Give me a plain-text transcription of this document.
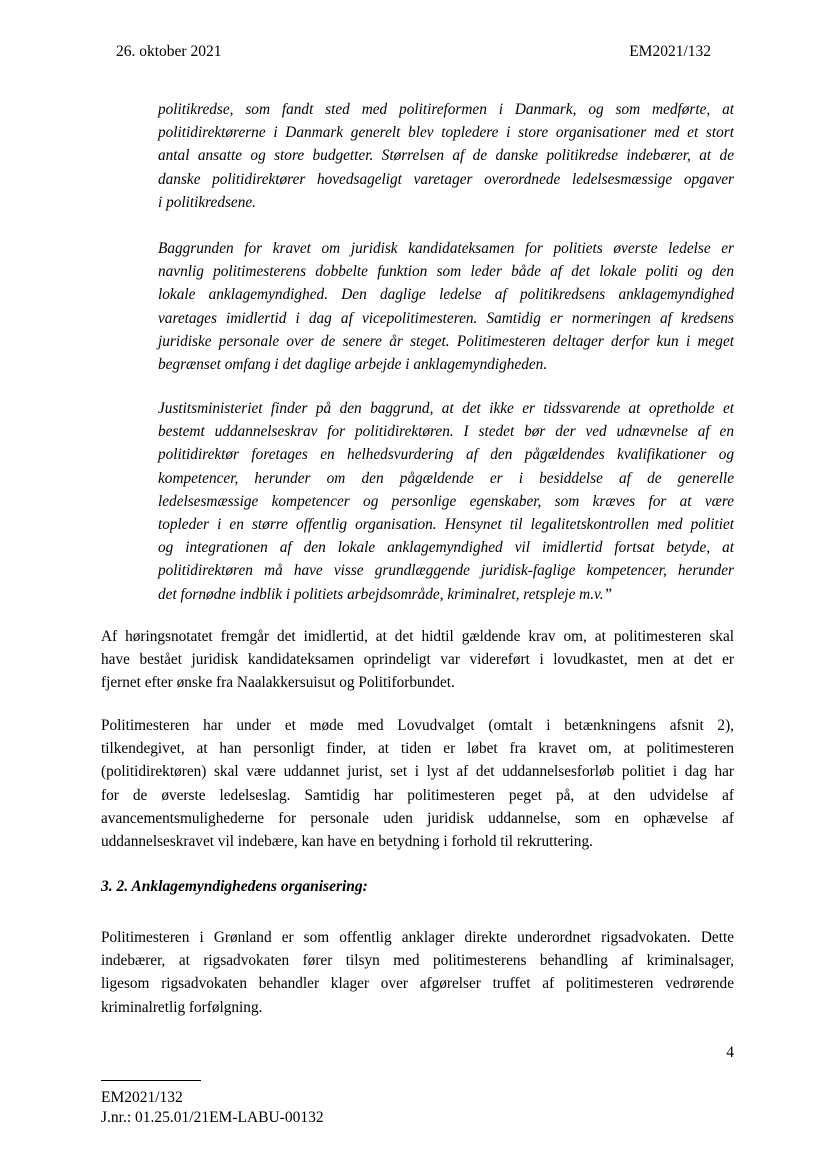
26. oktober 2021	EM2021/132

politikredse, som fandt sted med politireformen i Danmark, og som medførte, at
politidirektørerne i Danmark generelt blev topledere i store organisationer med et stort
antal ansatte og store budgetter. Størrelsen af de danske politikredse indebærer, at de
danske politidirektører hovedsageligt varetager overordnede ledelsesmæssige opgaver
i politikredsene.

Baggrunden for kravet om juridisk kandidateksamen for politiets øverste ledelse er
navnlig politimesterens dobbelte funktion som leder både af det lokale politi og den
lokale anklagemyndighed. Den daglige ledelse af politikredsens anklagemyndighed
varetages imidlertid i dag af vicepolitimesteren. Samtidig er normeringen af kredsens
juridiske personale over de senere år steget. Politimesteren deltager derfor kun i meget
begrænset omfang i det daglige arbejde i anklagemyndigheden.

Justitsministeriet finder på den baggrund, at det ikke er tidssvarende at opretholde et
bestemt uddannelseskrav for politidirektøren. I stedet bør der ved udnævnelse af en
politidirektør foretages en helhedsvurdering af den pågældendes kvalifikationer og
kompetencer, herunder om den pågældende er i besiddelse af de generelle
ledelsesmæssige kompetencer og personlige egenskaber, som kræves for at være
topleder i en større offentlig organisation. Hensynet til legalitetskontrollen med politiet
og integrationen af den lokale anklagemyndighed vil imidlertid fortsat betyde, at
politidirektøren må have visse grundlæggende juridisk-faglige kompetencer, herunder
det fornødne indblik i politiets arbejdsområde, kriminalret, retspleje m.v.”

Af høringsnotatet fremgår det imidlertid, at det hidtil gældende krav om, at politimesteren skal
have bestået juridisk kandidateksamen oprindeligt var videreført i lovudkastet, men at det er
fjernet efter ønske fra Naalakkersuisut og Politiforbundet.

Politimesteren har under et møde med Lovudvalget (omtalt i betænkningens afsnit 2),
tilkendegivet, at han personligt finder, at tiden er løbet fra kravet om, at politimesteren
(politidirektøren) skal være uddannet jurist, set i lyst af det uddannelsesforløb politiet i dag har
for de øverste ledelseslag. Samtidig har politimesteren peget på, at den udvidelse af
avancementsmulighederne for personale uden juridisk uddannelse, som en ophævelse af
uddannelseskravet vil indebære, kan have en betydning i forhold til rekruttering.

3. 2. Anklagemyndighedens organisering:

Politimesteren i Grønland er som offentlig anklager direkte underordnet rigsadvokaten. Dette
indebærer, at rigsadvokaten fører tilsyn med politimesterens behandling af kriminalsager,
ligesom rigsadvokaten behandler klager over afgørelser truffet af politimesteren vedrørende
kriminalretlig forfølgning.

4
EM2021/132
J.nr.: 01.25.01/21EM-LABU-00132
